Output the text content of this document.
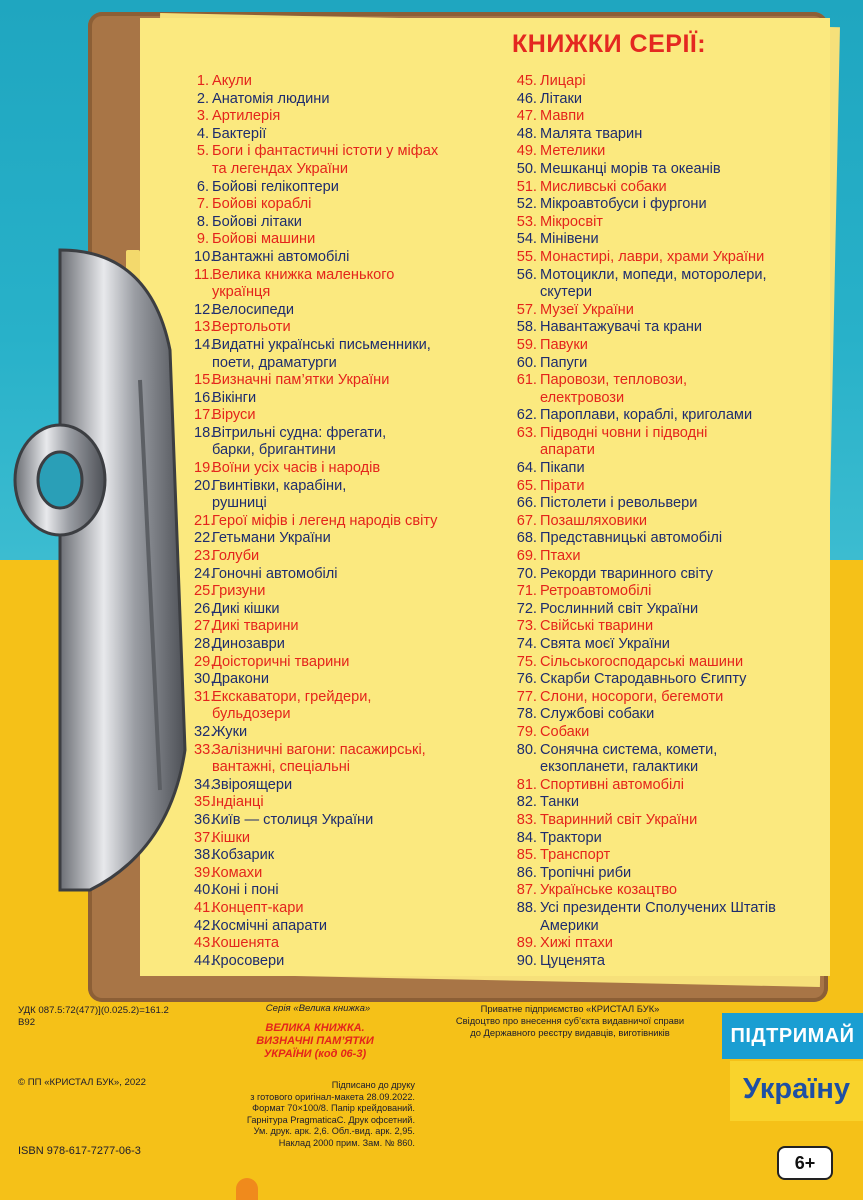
КНИЖКИ СЕРІЇ:
1. Акули
2. Анатомія людини
3. Артилерія
4. Бактерії
5. Боги і фантастичні істоти у міфах
та легендах України
6. Бойові гелікоптери
7. Бойові кораблі
8. Бойові літаки
9. Бойові машини
10.
Вантажні автомобілі
11.
Велика книжка маленького
українця
12.
Велосипеди
13.
Вертольоти
14.
Видатні українські письменники,
поети, драматурги
15.
Визначні пам’ятки України
16.
Вікінги
17.
Віруси
18.
Вітрильні судна: фрегати,
барки, бригантини
19.
Воїни усіх часів і народів
20.
Гвинтівки, карабіни,
рушниці
21.
Герої міфів і легенд народів світу
22.
Гетьмани України
23.
Голуби
24.
Гоночні автомобілі
25.
Гризуни
26.
Дикі кішки
27.
Дикі тварини
28.
Динозаври
29.
Доісторичні тварини
30.
Дракони
31.
Екскаватори, грейдери,
бульдозери
32.
Жуки
33.
Залізничні вагони: пасажирські,
вантажні, спеціальні
34.
Звіроящери
35.
Індіанці
36.
Київ — столиця України
37.
Кішки
38.
Кобзарик
39.
Комахи
40.
Коні і поні
41.
Концепт-кари
42.
Космічні апарати
43.
Кошенята
44.
Кросовери
45. Лицарі
46. Літаки
47. Мавпи
48. Малята тварин
49. Метелики
50. Мешканці морів та океанів
51. Мисливські собаки
52. Мікроавтобуси і фургони
53. Мікросвіт
54. Мінівени
55. Монастирі, лаври, храми України
56. Мотоцикли, мопеди, моторолери,
скутери
57. Музеї України
58. Навантажувачі та крани
59. Павуки
60. Папуги
61. Паровози, тепловози,
електровози
62. Пароплави, кораблі, криголами
63. Підводні човни і підводні
апарати
64. Пікапи
65. Пірати
66. Пістолети і револьвери
67. Позашляховики
68. Представницькі автомобілі
69. Птахи
70. Рекорди тваринного світу
71. Ретроавтомобілі
72. Рослинний світ України
73. Свійські тварини
74. Свята моєї України
75. Сільськогосподарські машини
76. Скарби Стародавнього Єгипту
77. Слони, носороги, бегемоти
78. Службові собаки
79. Собаки
80. Сонячна система, комети,
екзопланети, галактики
81. Спортивні автомобілі
82. Танки
83. Тваринний світ України
84. Трактори
85. Транспорт
86. Тропічні риби
87. Українське козацтво
88. Усі президенти Сполучених Штатів
Америки
89. Хижі птахи
90. Цуценята
УДК 087.5:72(477)](0.025.2)=161.2
В92
© ПП «КРИСТАЛ БУК», 2022
Серія «Велика книжка»
ВЕЛИКА КНИЖКА.
ВИЗНАЧНІ ПАМ’ЯТКИ
УКРАЇНИ (код 06-3)
Підписано до друку
з готового оригінал-макета 28.09.2022.
Формат 70×100/8. Папір крейдований.
Гарнітура PragmaticaC. Друк офсетний.
Ум. друк. арк. 2,6. Обл.-вид. арк. 2,95.
Наклад 2000 прим. Зам. № 860.
Приватне підприємство «КРИСТАЛ БУК»
Свідоцтво про внесення суб’єкта видавничої справи
до Державного реєстру видавців, виготівників
ISBN 978-617-7277-06-3
ПІДТРИМАЙ
Україну
6+
